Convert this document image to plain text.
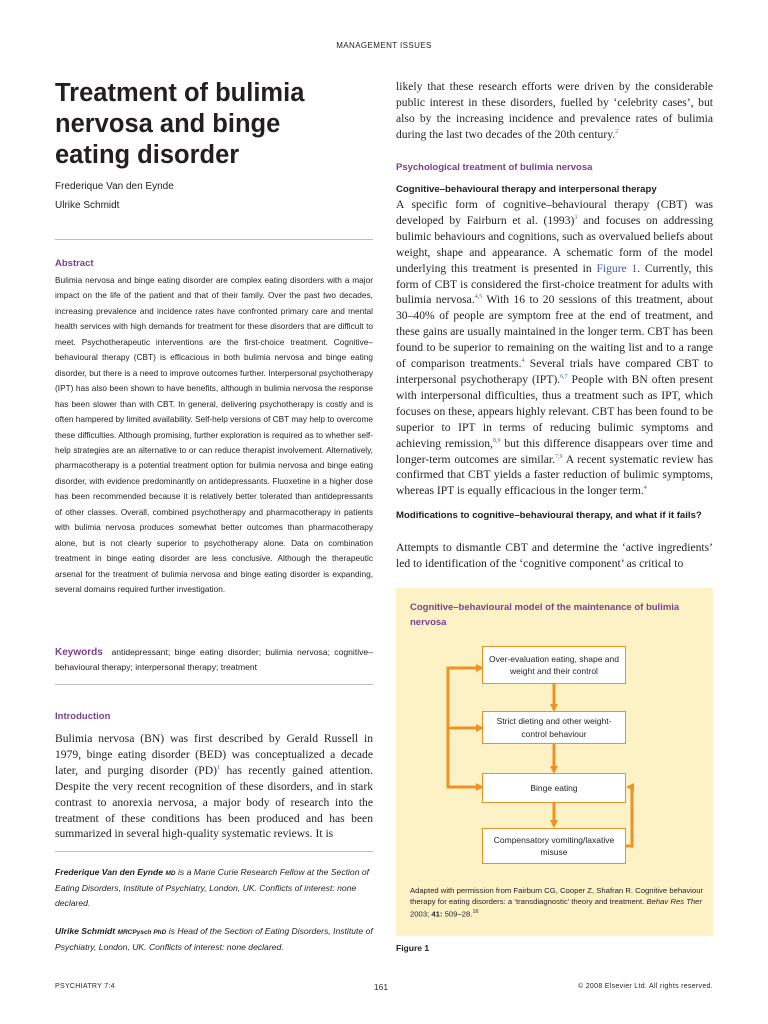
MANAGEMENT ISSUES
Treatment of bulimia nervosa and binge eating disorder
Frederique Van den Eynde
Ulrike Schmidt
Abstract

Bulimia nervosa and binge eating disorder are complex eating disorders with a major impact on the life of the patient and that of their family. Over the past two decades, increasing prevalence and incidence rates have confronted primary care and mental health services with high demands for treatment for these disorders that are difficult to meet. Psychotherapeutic interventions are the first-choice treatment. Cognitive–behavioural therapy (CBT) is efficacious in both bulimia nervosa and binge eating disorder, but there is a need to improve outcomes further. Interpersonal psychotherapy (IPT) has also been shown to have benefits, although in bulimia nervosa the response has been slower than with CBT. In general, delivering psychotherapy is costly and is often hampered by limited availability. Self-help versions of CBT may help to overcome these difficulties. Although promising, further exploration is required as to whether self-help strategies are an alternative to or can reduce therapist involvement. Alternatively, pharmacotherapy is a potential treatment option for bulimia nervosa and binge eating disorder, with evidence predominantly on antidepressants. Fluoxetine in a higher dose has been recommended because it is relatively better tolerated than antidepressants of other classes. Overall, combined psychotherapy and pharmacotherapy in patients with bulimia nervosa produces somewhat better outcomes than pharmacotherapy alone, but is not clearly superior to psychotherapy alone. Data on combination treatment in binge eating disorder are less conclusive. Although the therapeutic arsenal for the treatment of bulimia nervosa and binge eating disorder is expanding, several domains required further investigation.

Keywords antidepressant; binge eating disorder; bulimia nervosa; cognitive–behavioural therapy; interpersonal therapy; treatment

Introduction

Bulimia nervosa (BN) was first described by Gerald Russell in 1979, binge eating disorder (BED) was conceptualized a decade later, and purging disorder (PD)$^1$ has recently gained attention. Despite the very recent recognition of these disorders, and in stark contrast to anorexia nervosa, a major body of research into the treatment of these conditions has been produced and has been summarized in several high-quality systematic reviews. It is

Frederique Van den Eynde MD is a Marie Curie Research Fellow at the Section of Eating Disorders, Institute of Psychiatry, London, UK. Conflicts of interest: none declared.

Ulrike Schmidt MRCPysch PhD is Head of the Section of Eating Disorders, Institute of Psychiatry, London, UK. Conflicts of interest: none declared.

likely that these research efforts were driven by the considerable public interest in these disorders, fuelled by ‘celebrity cases’, but also by the increasing incidence and prevalence rates of bulimia during the last two decades of the 20th century.$^2$

Psychological treatment of bulimia nervosa

Cognitive–behavioural therapy and interpersonal therapy

A specific form of cognitive–behavioural therapy (CBT) was developed by Fairburn et al. $(1993)^3$ and focuses on addressing bulimic behaviours and cognitions, such as overvalued beliefs about weight, shape and appearance. A schematic form of the model underlying this treatment is presented in Figure 1. Currently, this form of CBT is considered the first-choice treatment for adults with bulimia nervosa.$^{4,5}$ With 16 to 20 sessions of this treatment, about 30–40% of people are symptom free at the end of treatment, and these gains are usually maintained in the longer term. CBT has been found to be superior to remaining on the waiting list and to a range of comparison treatments.$^4$ Several trials have compared CBT to interpersonal psychotherapy (IPT).$^{6,7}$ People with BN often present with interpersonal difficulties, thus a treatment such as IPT, which focuses on these, appears highly relevant. CBT has been found to be superior to IPT in terms of reducing bulimic symptoms and achieving remission,$^{8,9}$ but this difference disappears over time and longer-term outcomes are similar.$^{7,9}$ A recent systematic review has confirmed that CBT yields a faster reduction of bulimic symptoms, whereas IPT is equally efficacious in the longer term.$^4$

Modifications to cognitive–behavioural therapy, and what if it fails?

Attempts to dismantle CBT and determine the ‘active ingredients’ led to identification of the ‘cognitive component’ as critical to

Cognitive–behavioural model of the maintenance of bulimia nervosa

Over-evaluation eating, shape and weight and their control
Strict dieting and other weight-control behaviour
Binge eating
Compensatory vomiting/laxative misuse

Adapted with permission from Fairburn CG, Cooper Z, Shafran R. Cognitive behaviour therapy for eating disorders: a ‘transdiagnostic’ theory and treatment. Behav Res Ther 2003; 41: 509–28.16

Figure 1
PSYCHIATRY 7:4	161	© 2008 Elsevier Ltd. All rights reserved.
